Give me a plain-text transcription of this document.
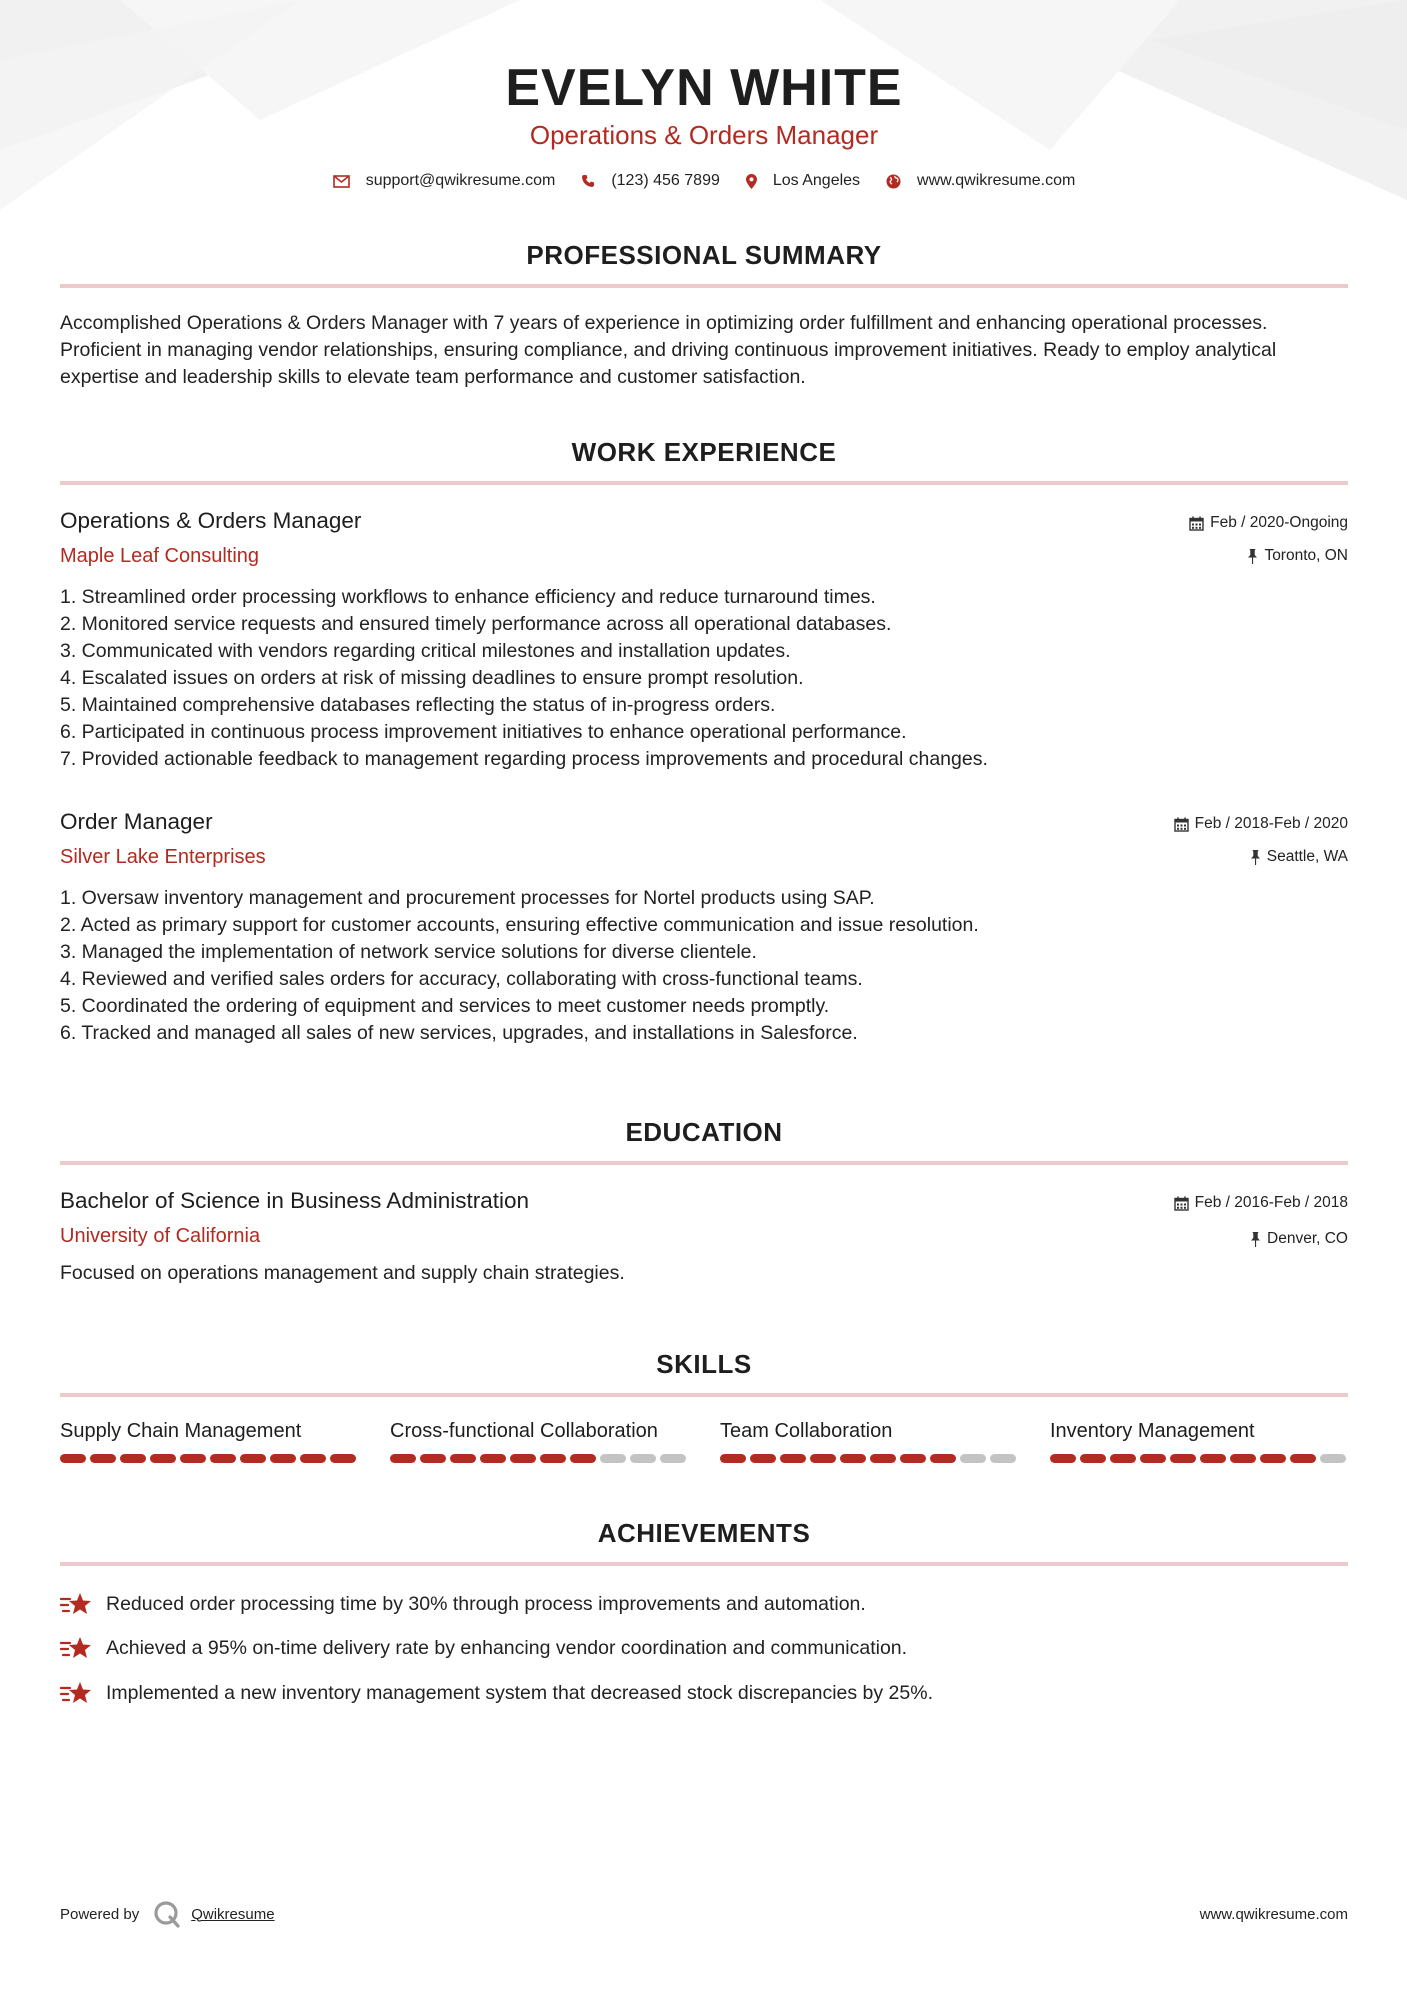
EVELYN WHITE
Operations & Orders Manager
support@qwikresume.com	(123) 456 7899	Los Angeles	www.qwikresume.com
PROFESSIONAL SUMMARY
Accomplished Operations & Orders Manager with 7 years of experience in optimizing order fulfillment and enhancing operational processes. Proficient in managing vendor relationships, ensuring compliance, and driving continuous improvement initiatives. Ready to employ analytical expertise and leadership skills to elevate team performance and customer satisfaction.
WORK EXPERIENCE
Operations & Orders Manager
Maple Leaf Consulting
Feb / 2020-Ongoing
Toronto, ON
1. Streamlined order processing workflows to enhance efficiency and reduce turnaround times.
2. Monitored service requests and ensured timely performance across all operational databases.
3. Communicated with vendors regarding critical milestones and installation updates.
4. Escalated issues on orders at risk of missing deadlines to ensure prompt resolution.
5. Maintained comprehensive databases reflecting the status of in-progress orders.
6. Participated in continuous process improvement initiatives to enhance operational performance.
7. Provided actionable feedback to management regarding process improvements and procedural changes.
Order Manager
Silver Lake Enterprises
Feb / 2018-Feb / 2020
Seattle, WA
1. Oversaw inventory management and procurement processes for Nortel products using SAP.
2. Acted as primary support for customer accounts, ensuring effective communication and issue resolution.
3. Managed the implementation of network service solutions for diverse clientele.
4. Reviewed and verified sales orders for accuracy, collaborating with cross-functional teams.
5. Coordinated the ordering of equipment and services to meet customer needs promptly.
6. Tracked and managed all sales of new services, upgrades, and installations in Salesforce.
EDUCATION
Bachelor of Science in Business Administration
University of California
Feb / 2016-Feb / 2018
Denver, CO
Focused on operations management and supply chain strategies.
SKILLS
Supply Chain Management	Cross-functional Collaboration	Team Collaboration	Inventory Management
ACHIEVEMENTS
Reduced order processing time by 30% through process improvements and automation.
Achieved a 95% on-time delivery rate by enhancing vendor coordination and communication.
Implemented a new inventory management system that decreased stock discrepancies by 25%.
Powered by	Qwikresume	www.qwikresume.com
